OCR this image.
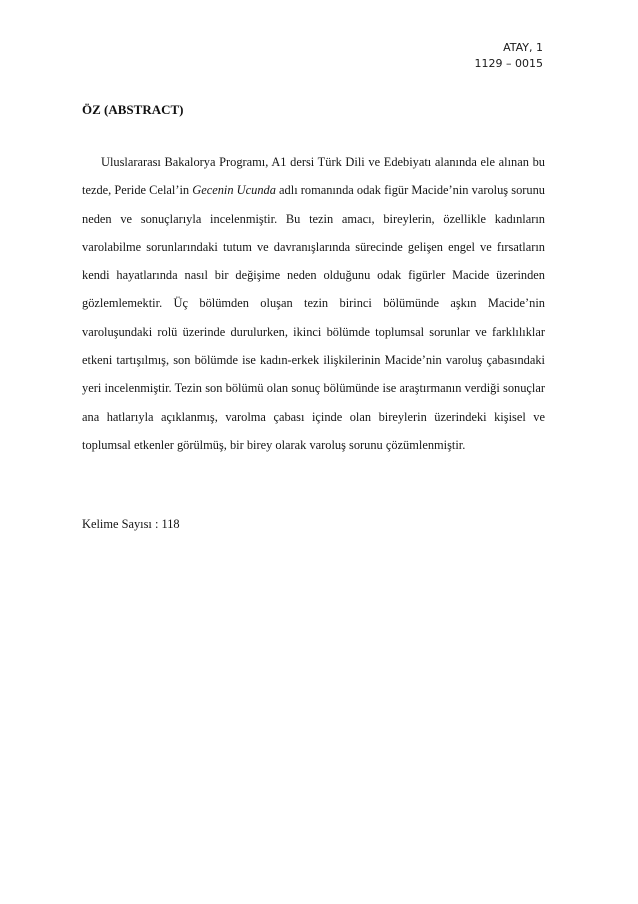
ATAY, 1
1129 – 0015
ÖZ (ABSTRACT)

Uluslararası Bakalorya Programı, A1 dersi Türk Dili ve Edebiyatı alanında ele alınan bu tezde, Peride Celal’in Gecenin Ucunda adlı romanında odak figür Macide’nin varoluş sorunu neden ve sonuçlarıyla incelenmiştir. Bu tezin amacı, bireylerin, özellikle kadınların varolabilme sorunlarındaki tutum ve davranışlarında sürecinde gelişen engel ve fırsatların kendi hayatlarında nasıl bir değişime neden olduğunu odak figürler Macide üzerinden gözlemlemektir. Üç bölümden oluşan tezin birinci bölümünde aşkın Macide’nin varoluşundaki rolü üzerinde durulurken, ikinci bölümde toplumsal sorunlar ve farklılıklar etkeni tartışılmış, son bölümde ise kadın-erkek ilişkilerinin Macide’nin varoluş çabasındaki yeri incelenmiştir. Tezin son bölümü olan sonuç bölümünde ise araştırmanın verdiği sonuçlar ana hatlarıyla açıklanmış, varolma çabası içinde olan bireylerin üzerindeki kişisel ve toplumsal etkenler görülmüş, bir birey olarak varoluş sorunu çözümlenmiştir.

Kelime Sayısı : 118
